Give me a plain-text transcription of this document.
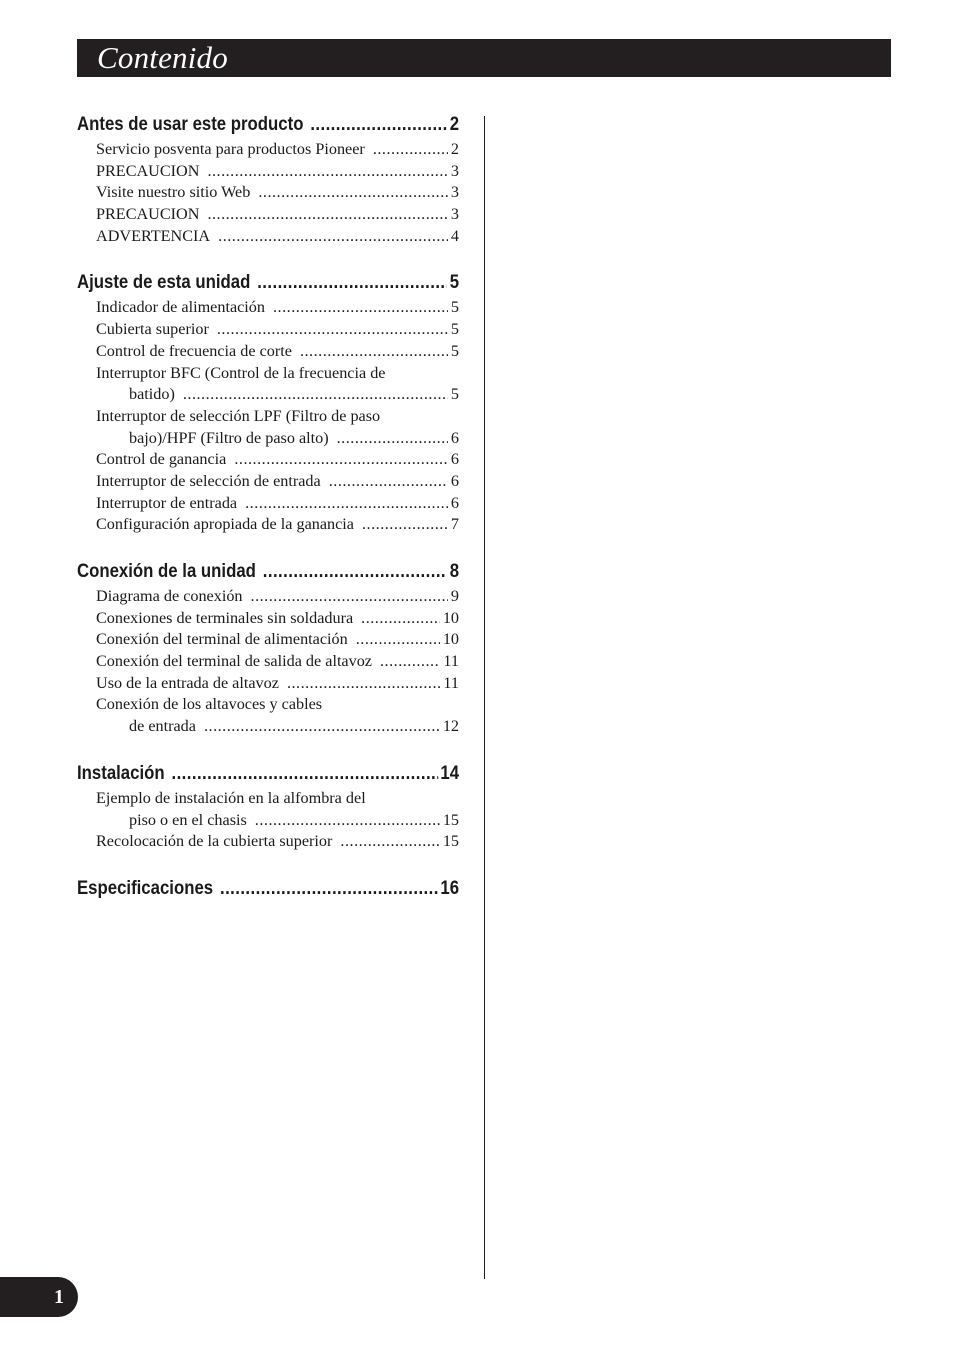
Contenido
Antes de usar este producto .....	2
Servicio posventa para productos Pioneer .....	2
PRECAUCION .....	3
Visite nuestro sitio Web .....	3
PRECAUCION .....	3
ADVERTENCIA .....	4
Ajuste de esta unidad .....	5
Indicador de alimentación .....	5
Cubierta superior .....	5
Control de frecuencia de corte .....	5
Interruptor BFC (Control de la frecuencia de
batido) .....	5
Interruptor de selección LPF (Filtro de paso
bajo)/HPF (Filtro de paso alto) .....	6
Control de ganancia .....	6
Interruptor de selección de entrada .....	6
Interruptor de entrada .....	6
Configuración apropiada de la ganancia .....	7
Conexión de la unidad .....	8
Diagrama de conexión .....	9
Conexiones de terminales sin soldadura .....	10
Conexión del terminal de alimentación .....	10
Conexión del terminal de salida de altavoz .....	11
Uso de la entrada de altavoz .....	11
Conexión de los altavoces y cables
de entrada .....	12
Instalación .....	14
Ejemplo de instalación en la alfombra del
piso o en el chasis .....	15
Recolocación de la cubierta superior .....	15
Especificaciones .....	16
1
